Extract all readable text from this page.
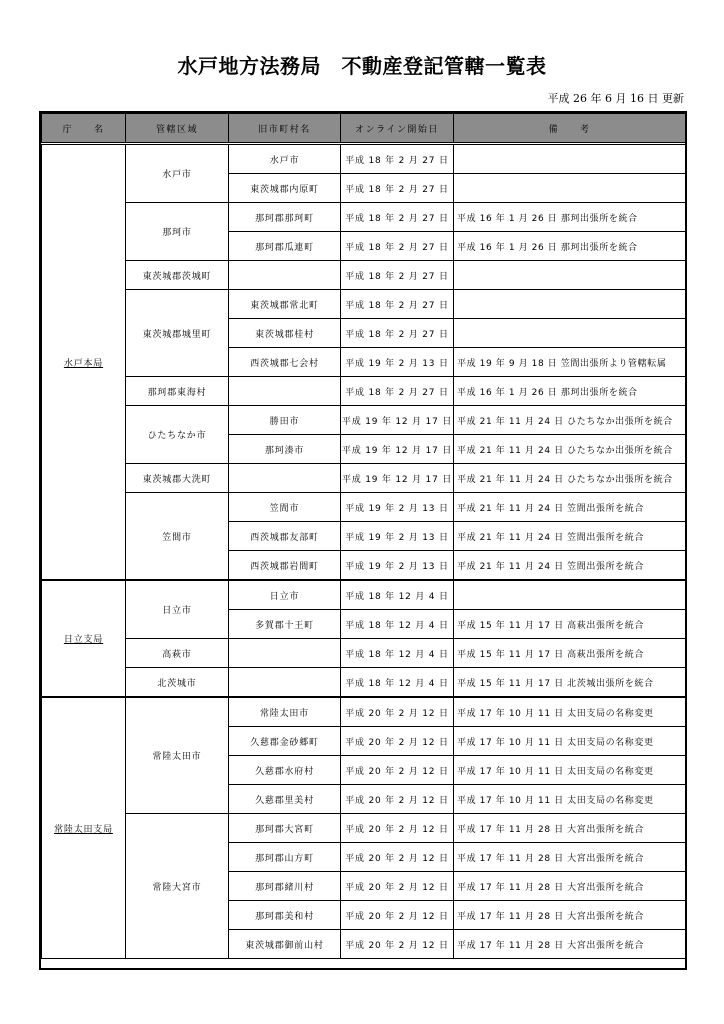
水戸地方法務局　不動産登記管轄一覧表
平成 26 年 6 月 16 日 更新
庁　　名	管轄区域	旧市町村名	オンライン開始日	備　　考
水戸本局	水戸市	水戸市	平成 18 年 2 月 27 日	
		東茨城郡内原町	平成 18 年 2 月 27 日	
	那珂市	那珂郡那珂町	平成 18 年 2 月 27 日	平成 16 年 1 月 26 日 那珂出張所を統合
		那珂郡瓜連町	平成 18 年 2 月 27 日	平成 16 年 1 月 26 日 那珂出張所を統合
	東茨城郡茨城町		平成 18 年 2 月 27 日	
	東茨城郡城里町	東茨城郡常北町	平成 18 年 2 月 27 日	
		東茨城郡桂村	平成 18 年 2 月 27 日	
		西茨城郡七会村	平成 19 年 2 月 13 日	平成 19 年 9 月 18 日 笠間出張所より管轄転属
	那珂郡東海村		平成 18 年 2 月 27 日	平成 16 年 1 月 26 日 那珂出張所を統合
	ひたちなか市	勝田市	平成 19 年 12 月 17 日	平成 21 年 11 月 24 日 ひたちなか出張所を統合
		那珂湊市	平成 19 年 12 月 17 日	平成 21 年 11 月 24 日 ひたちなか出張所を統合
	東茨城郡大洗町		平成 19 年 12 月 17 日	平成 21 年 11 月 24 日 ひたちなか出張所を統合
	笠間市	笠間市	平成 19 年 2 月 13 日	平成 21 年 11 月 24 日 笠間出張所を統合
		西茨城郡友部町	平成 19 年 2 月 13 日	平成 21 年 11 月 24 日 笠間出張所を統合
		西茨城郡岩間町	平成 19 年 2 月 13 日	平成 21 年 11 月 24 日 笠間出張所を統合
日立支局	日立市	日立市	平成 18 年 12 月 4 日	
		多賀郡十王町	平成 18 年 12 月 4 日	平成 15 年 11 月 17 日 高萩出張所を統合
	高萩市		平成 18 年 12 月 4 日	平成 15 年 11 月 17 日 高萩出張所を統合
	北茨城市		平成 18 年 12 月 4 日	平成 15 年 11 月 17 日 北茨城出張所を統合
常陸太田支局	常陸太田市	常陸太田市	平成 20 年 2 月 12 日	平成 17 年 10 月 11 日 太田支局の名称変更
		久慈郡金砂郷町	平成 20 年 2 月 12 日	平成 17 年 10 月 11 日 太田支局の名称変更
		久慈郡水府村	平成 20 年 2 月 12 日	平成 17 年 10 月 11 日 太田支局の名称変更
		久慈郡里美村	平成 20 年 2 月 12 日	平成 17 年 10 月 11 日 太田支局の名称変更
	常陸大宮市	那珂郡大宮町	平成 20 年 2 月 12 日	平成 17 年 11 月 28 日 大宮出張所を統合
		那珂郡山方町	平成 20 年 2 月 12 日	平成 17 年 11 月 28 日 大宮出張所を統合
		那珂郡緒川村	平成 20 年 2 月 12 日	平成 17 年 11 月 28 日 大宮出張所を統合
		那珂郡美和村	平成 20 年 2 月 12 日	平成 17 年 11 月 28 日 大宮出張所を統合
		東茨城郡御前山村	平成 20 年 2 月 12 日	平成 17 年 11 月 28 日 大宮出張所を統合
